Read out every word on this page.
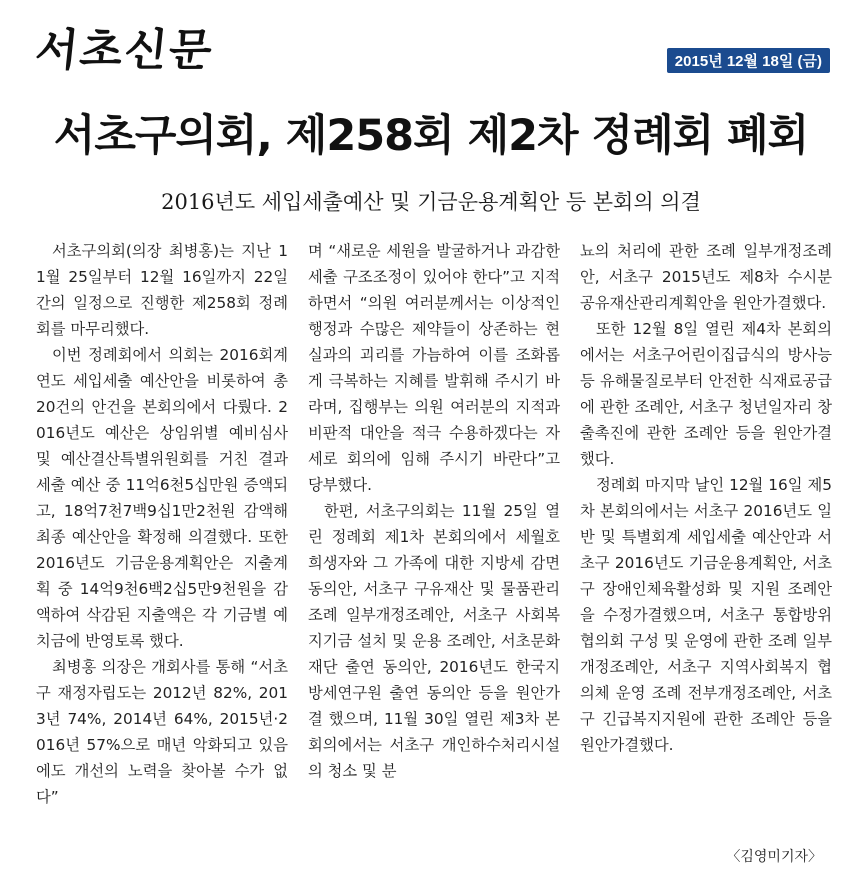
서초신문	2015년 12월 18일 (금)
서초구의회, 제258회 제2차 정례회 폐회
2016년도 세입세출예산 및 기금운용계획안 등 본회의 의결

서초구의회(의장 최병홍)는 지난 11월 25일부터 12월 16일까지 22일간의 일정으로 진행한 제258회 정례회를 마무리했다.

이번 정례회에서 의회는 2016회계연도 세입세출 예산안을 비롯하여 총 20건의 안건을 본회의에서 다뤘다. 2016년도 예산은 상임위별 예비심사 및 예산결산특별위원회를 거친 결과 세출 예산 중 11억6천5십만원 증액되고, 18억7천7백9십1만2천원 감액해 최종 예산안을 확정해 의결했다. 또한 2016년도 기금운용계획안은 지출계획 중 14억9천6백2십5만9천원을 감액하여 삭감된 지출액은 각 기금별 예치금에 반영토록 했다.

최병홍 의장은 개회사를 통해 “서초구 재정자립도는 2012년 82%, 2013년 74%, 2014년 64%, 2015년·2016년 57%으로 매년 악화되고 있음에도 개선의 노력을 찾아볼 수가 없다”

며 “새로운 세원을 발굴하거나 과감한 세출 구조조정이 있어야 한다”고 지적하면서 “의원 여러분께서는 이상적인 행정과 수많은 제약들이 상존하는 현실과의 괴리를 가늠하여 이를 조화롭게 극복하는 지혜를 발휘해 주시기 바라며, 집행부는 의원 여러분의 지적과 비판적 대안을 적극 수용하겠다는 자세로 회의에 임해 주시기 바란다”고 당부했다.

한편, 서초구의회는 11월 25일 열린 정례회 제1차 본회의에서 세월호 희생자와 그 가족에 대한 지방세 감면동의안, 서초구 구유재산 및 물품관리 조례 일부개정조례안, 서초구 사회복지기금 설치 및 운용 조례안, 서초문화재단 출연 동의안, 2016년도 한국지방세연구원 출연 동의안 등을 원안가결 했으며, 11월 30일 열린 제3차 본회의에서는 서초구 개인하수처리시설의 청소 및 분

뇨의 처리에 관한 조례 일부개정조례안, 서초구 2015년도 제8차 수시분 공유재산관리계획안을 원안가결했다.

또한 12월 8일 열린 제4차 본회의에서는 서초구어린이집급식의 방사능 등 유해물질로부터 안전한 식재료공급에 관한 조례안, 서초구 청년일자리 창출촉진에 관한 조례안 등을 원안가결했다.

정례회 마지막 날인 12월 16일 제5차 본회의에서는 서초구 2016년도 일반 및 특별회계 세입세출 예산안과 서초구 2016년도 기금운용계획안, 서초구 장애인체육활성화 및 지원 조례안을 수정가결했으며, 서초구 통합방위협의회 구성 및 운영에 관한 조례 일부개정조례안, 서초구 지역사회복지 협의체 운영 조례 전부개정조례안, 서초구 긴급복지지원에 관한 조례안 등을 원안가결했다.

〈김영미기자〉
